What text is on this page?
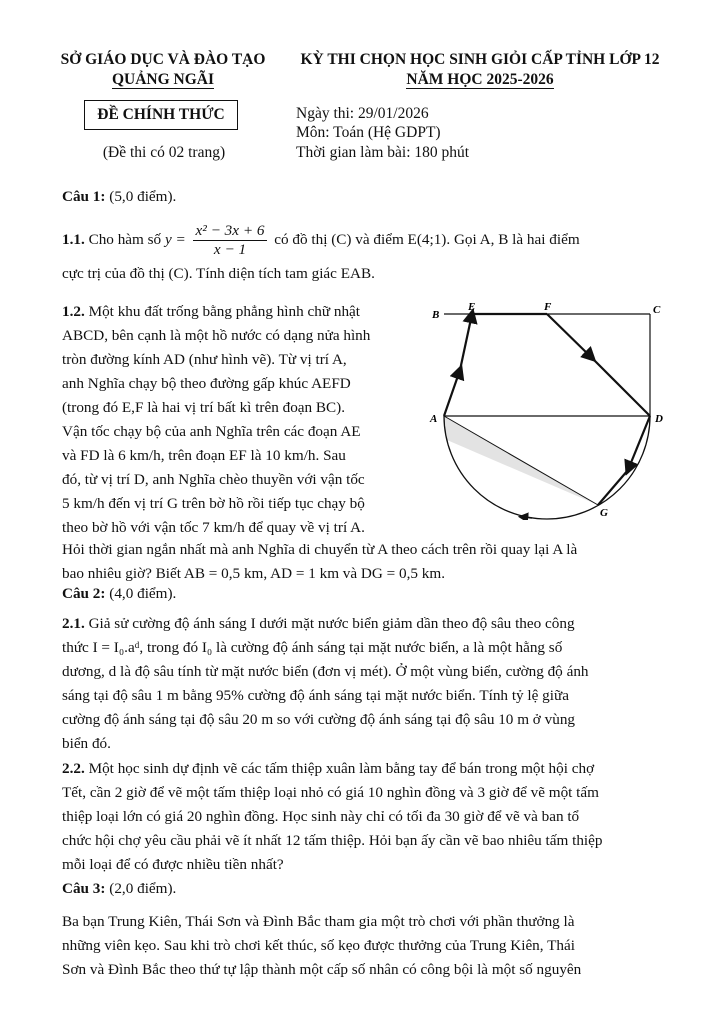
SỞ GIÁO DỤC VÀ ĐÀO TẠO
QUẢNG NGÃI
KỲ THI CHỌN HỌC SINH GIỎI CẤP TỈNH LỚP 12
NĂM HỌC 2025-2026
ĐỀ CHÍNH THỨC
(Đề thi có 02 trang)
Ngày thi: 29/01/2026
Môn: Toán (Hệ GDPT)
Thời gian làm bài: 180 phút
Câu 1: (5,0 điểm).
1.1. Cho hàm số $y = \frac{\text{x² − 3x + 6}}{x - 1}$ có đồ thị (C) và điểm E(4;1). Gọi A, B là hai điểm
cực trị của đồ thị (C). Tính diện tích tam giác EAB.
1.2. Một khu đất trống bằng phẳng hình chữ nhật
ABCD, bên cạnh là một hồ nước có dạng nửa hình
tròn đường kính AD (như hình vẽ). Từ vị trí A,
anh Nghĩa chạy bộ theo đường gấp khúc AEFD
(trong đó E,F là hai vị trí bất kì trên đoạn BC).
Vận tốc chạy bộ của anh Nghĩa trên các đoạn AE
và FD là 6 km/h, trên đoạn EF là 10 km/h. Sau
đó, từ vị trí D, anh Nghĩa chèo thuyền với vận tốc
5 km/h đến vị trí G trên bờ hồ rồi tiếp tục chạy bộ
theo bờ hồ với vận tốc 7 km/h để quay về vị trí A.
B
E	F	C
A	D
G
Hỏi thời gian ngắn nhất mà anh Nghĩa di chuyển từ A theo cách trên rồi quay lại A là
bao nhiêu giờ? Biết AB = 0,5 km, AD = 1 km và DG = 0,5 km.
Câu 2: (4,0 điểm).
2.1. Giả sử cường độ ánh sáng I dưới mặt nước biển giảm dần theo độ sâu theo công
thức I = I₀.aᵈ, trong đó I₀ là cường độ ánh sáng tại mặt nước biển, a là một hằng số
dương, d là độ sâu tính từ mặt nước biển (đơn vị mét). Ở một vùng biển, cường độ ánh
sáng tại độ sâu 1 m bằng 95% cường độ ánh sáng tại mặt nước biển. Tính tỷ lệ giữa
cường độ ánh sáng tại độ sâu 20 m so với cường độ ánh sáng tại độ sâu 10 m ở vùng
biển đó.
2.2. Một học sinh dự định vẽ các tấm thiệp xuân làm bằng tay để bán trong một hội chợ
Tết, cần 2 giờ để vẽ một tấm thiệp loại nhỏ có giá 10 nghìn đồng và 3 giờ để vẽ một tấm
thiệp loại lớn có giá 20 nghìn đồng. Học sinh này chỉ có tối đa 30 giờ để vẽ và ban tổ
chức hội chợ yêu cầu phải vẽ ít nhất 12 tấm thiệp. Hỏi bạn ấy cần vẽ bao nhiêu tấm thiệp
mỗi loại để có được nhiều tiền nhất?
Câu 3: (2,0 điểm).
Ba bạn Trung Kiên, Thái Sơn và Đình Bắc tham gia một trò chơi với phần thưởng là
những viên kẹo. Sau khi trò chơi kết thúc, số kẹo được thưởng của Trung Kiên, Thái
Sơn và Đình Bắc theo thứ tự lập thành một cấp số nhân có công bội là một số nguyên
